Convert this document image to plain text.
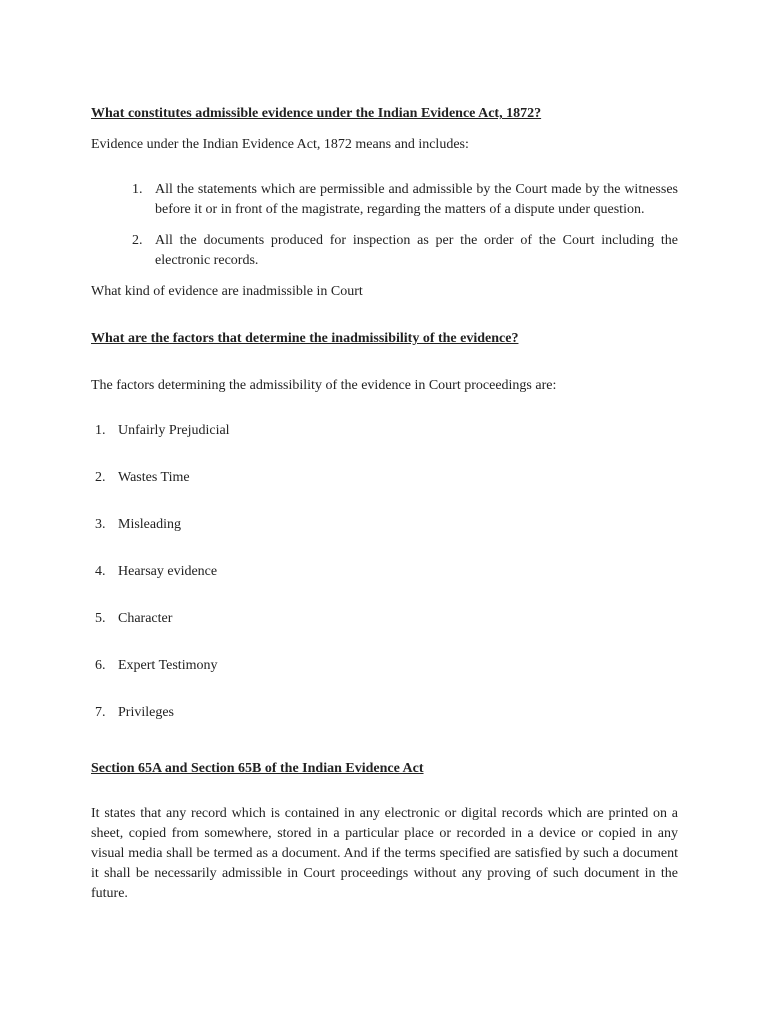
What constitutes admissible evidence under the Indian Evidence Act, 1872?

Evidence under the Indian Evidence Act, 1872 means and includes:

1. All the statements which are permissible and admissible by the Court made by the witnesses before it or in front of the magistrate, regarding the matters of a dispute under question.
2. All the documents produced for inspection as per the order of the Court including the electronic records.

What kind of evidence are inadmissible in Court

What are the factors that determine the inadmissibility of the evidence?

The factors determining the admissibility of the evidence in Court proceedings are:

1. Unfairly Prejudicial
2. Wastes Time
3. Misleading
4. Hearsay evidence
5. Character
6. Expert Testimony
7. Privileges

Section 65A and Section 65B of the Indian Evidence Act

It states that any record which is contained in any electronic or digital records which are printed on a sheet, copied from somewhere, stored in a particular place or recorded in a device or copied in any visual media shall be termed as a document. And if the terms specified are satisfied by such a document it shall be necessarily admissible in Court proceedings without any proving of such document in the future.
